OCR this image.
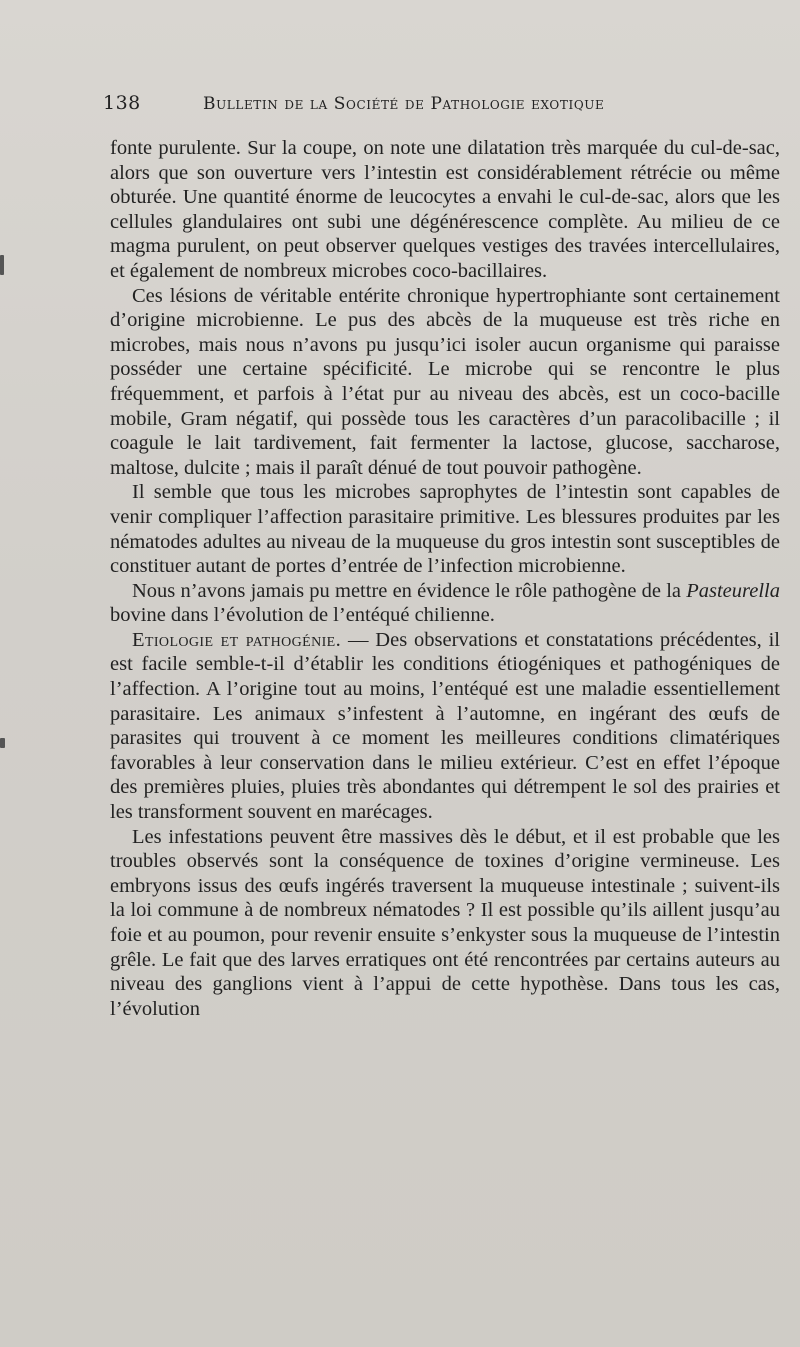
138	Bulletin de la Société de Pathologie exotique

fonte purulente. Sur la coupe, on note une dilatation très marquée du cul-de-sac, alors que son ouverture vers l’intestin est considérablement rétrécie ou même obturée. Une quantité énorme de leucocytes a envahi le cul-de-sac, alors que les cellules glandulaires ont subi une dégénérescence complète. Au milieu de ce magma purulent, on peut observer quelques vestiges des travées intercellulaires, et également de nombreux microbes coco-bacillaires.

Ces lésions de véritable entérite chronique hypertrophiante sont certainement d’origine microbienne. Le pus des abcès de la muqueuse est très riche en microbes, mais nous n’avons pu jusqu’ici isoler aucun organisme qui paraisse posséder une certaine spécificité. Le microbe qui se rencontre le plus fréquemment, et parfois à l’état pur au niveau des abcès, est un coco-bacille mobile, Gram négatif, qui possède tous les caractères d’un paracolibacille ; il coagule le lait tardivement, fait fermenter la lactose, glucose, saccharose, maltose, dulcite ; mais il paraît dénué de tout pouvoir pathogène.

Il semble que tous les microbes saprophytes de l’intestin sont capables de venir compliquer l’affection parasitaire primitive. Les blessures produites par les nématodes adultes au niveau de la muqueuse du gros intestin sont susceptibles de constituer autant de portes d’entrée de l’infection microbienne.

Nous n’avons jamais pu mettre en évidence le rôle pathogène de la Pasteurella bovine dans l’évolution de l’entéqué chilienne.

Etiologie et pathogénie. — Des observations et constatations précédentes, il est facile semble-t-il d’établir les conditions étiogéniques et pathogéniques de l’affection. A l’origine tout au moins, l’entéqué est une maladie essentiellement parasitaire. Les animaux s’infestent à l’automne, en ingérant des œufs de parasites qui trouvent à ce moment les meilleures conditions climatériques favorables à leur conservation dans le milieu extérieur. C’est en effet l’époque des premières pluies, pluies très abondantes qui détrempent le sol des prairies et les transforment souvent en marécages.

Les infestations peuvent être massives dès le début, et il est probable que les troubles observés sont la conséquence de toxines d’origine vermineuse. Les embryons issus des œufs ingérés traversent la muqueuse intestinale ; suivent-ils la loi commune à de nombreux nématodes ? Il est possible qu’ils aillent jusqu’au foie et au poumon, pour revenir ensuite s’enkyster sous la muqueuse de l’intestin grêle. Le fait que des larves erratiques ont été rencontrées par certains auteurs au niveau des ganglions vient à l’appui de cette hypothèse. Dans tous les cas, l’évolution
